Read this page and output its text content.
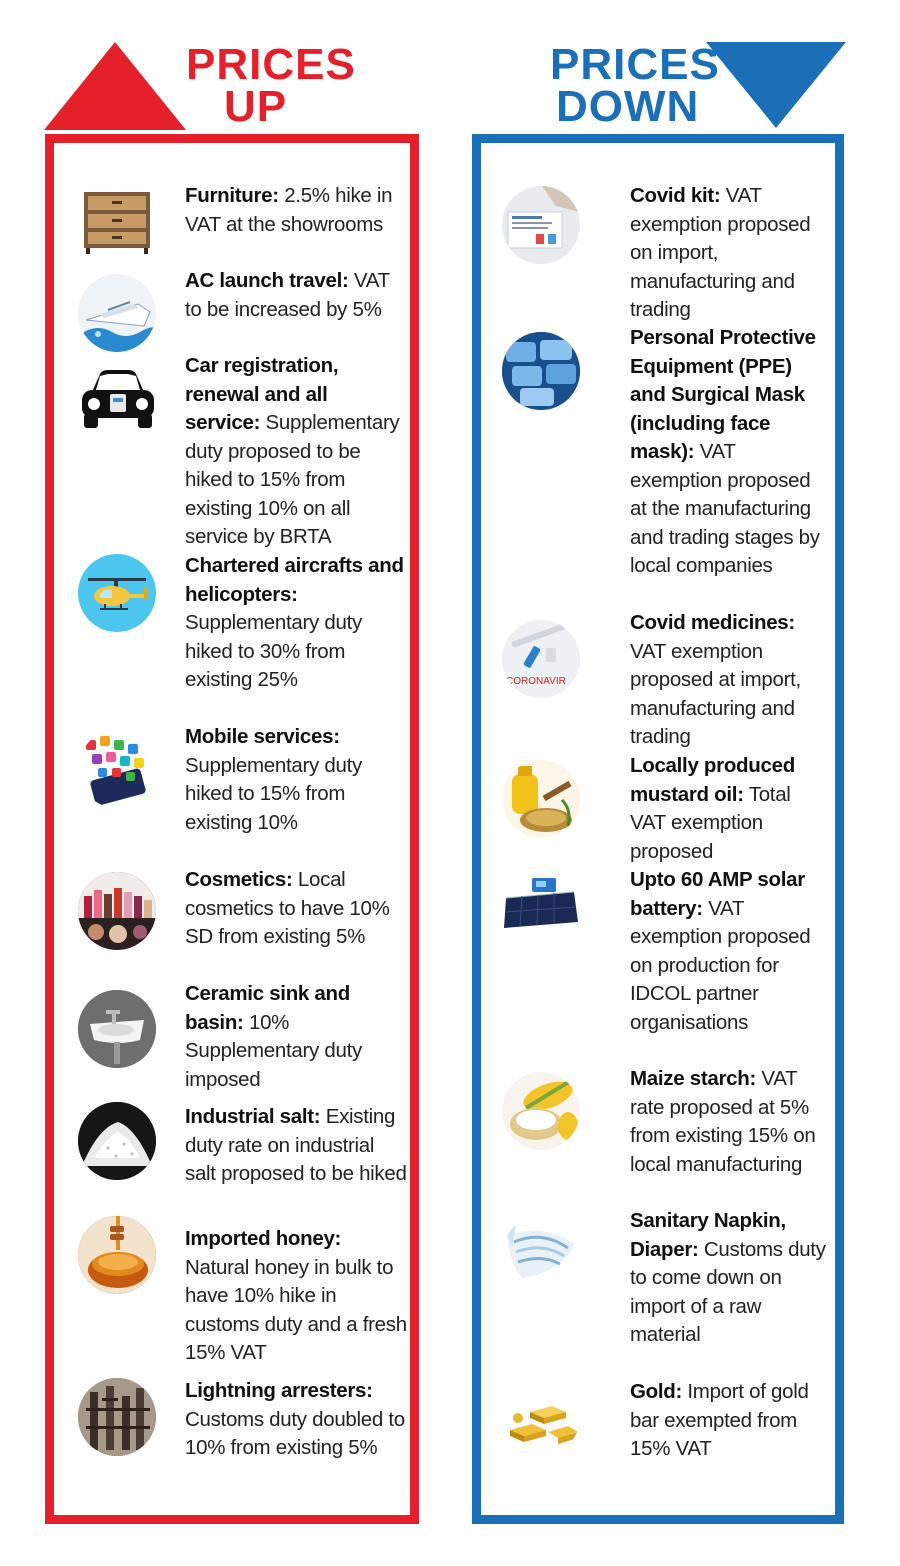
PRICES
UP
PRICES
DOWN
Furniture: 2.5% hike in VAT at the showrooms
AC launch travel: VAT to be increased by 5%
Car registration, renewal and all service: Supplementary duty proposed to be hiked to 15% from existing 10% on all service by BRTA
Chartered aircrafts and helicopters: Supplementary duty hiked to 30% from existing 25%
Mobile services: Supplementary duty hiked to 15% from existing 10%
Cosmetics: Local cosmetics to have 10% SD from existing 5%
Ceramic sink and basin: 10% Supplementary duty imposed
Industrial salt: Existing duty rate on industrial salt proposed to be hiked
Imported honey: Natural honey in bulk to have 10% hike in customs duty and a fresh 15% VAT
Lightning arresters: Customs duty doubled to 10% from existing 5%
Covid kit: VAT exemption proposed on import, manufacturing and trading
Personal Protective Equipment (PPE) and Surgical Mask (including face mask): VAT exemption proposed at the manufacturing and trading stages by local companies
CORONAVIR
Covid medicines: VAT exemption proposed at import, manufacturing and trading
Locally produced mustard oil: Total VAT exemption proposed
Upto 60 AMP solar battery: VAT exemption proposed on production for IDCOL partner organisations
Maize starch: VAT rate proposed at 5% from existing 15% on local manufacturing
Sanitary Napkin, Diaper: Customs duty to come down on import of a raw material
Gold: Import of gold bar exempted from 15% VAT
